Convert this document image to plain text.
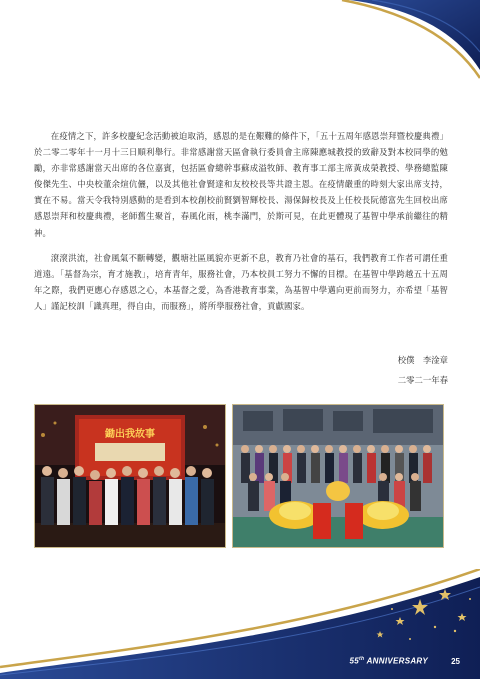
在疫情之下，許多校慶紀念活動被迫取消，感恩的是在艱難的條件下，「五十五周年感恩崇拜暨校慶典禮」於二零二零年十一月十三日順利舉行。非常感謝當天區會執行委員會主席陳應城教授的致辭及對本校同學的勉勵，亦非常感謝當天出席的各位嘉賓，包括區會總幹事蘇成溢牧師、教育事工部主席黃成榮教授、學務總監陳俊傑先生、中央校董余煊伉儷，以及其他社會賢達和友校校長等共證主恩。在疫情嚴重的時刻大家出席支持，實在不易。當天令我特別感動的是看到本校創校前賢劉智輝校長、湯保歸校長及上任校長阮德富先生回校出席感恩崇拜和校慶典禮，老師舊生聚首，春風化雨，桃李滿門，於斯可見，在此更體現了基智中學承前繼往的精神。

滾滾洪流，社會風氣不斷轉變，觀塘社區風貌亦更新不息，教育乃社會的基石，我們教育工作者可謂任重道遠。「基督為宗，育才施教」，培育青年，服務社會，乃本校員工努力不懈的目標。在基智中學跨越五十五周年之際，我們更應心存感恩之心，本基督之愛，為香港教育事業，為基智中學邁向更前而努力，亦希望「基智人」謹記校訓「識真理，得自由，而服務」，將所學服務社會，貢獻國家。

校僕　李淦章
二零二一年春
鋤出我故事
55th ANNIVERSARY	25
